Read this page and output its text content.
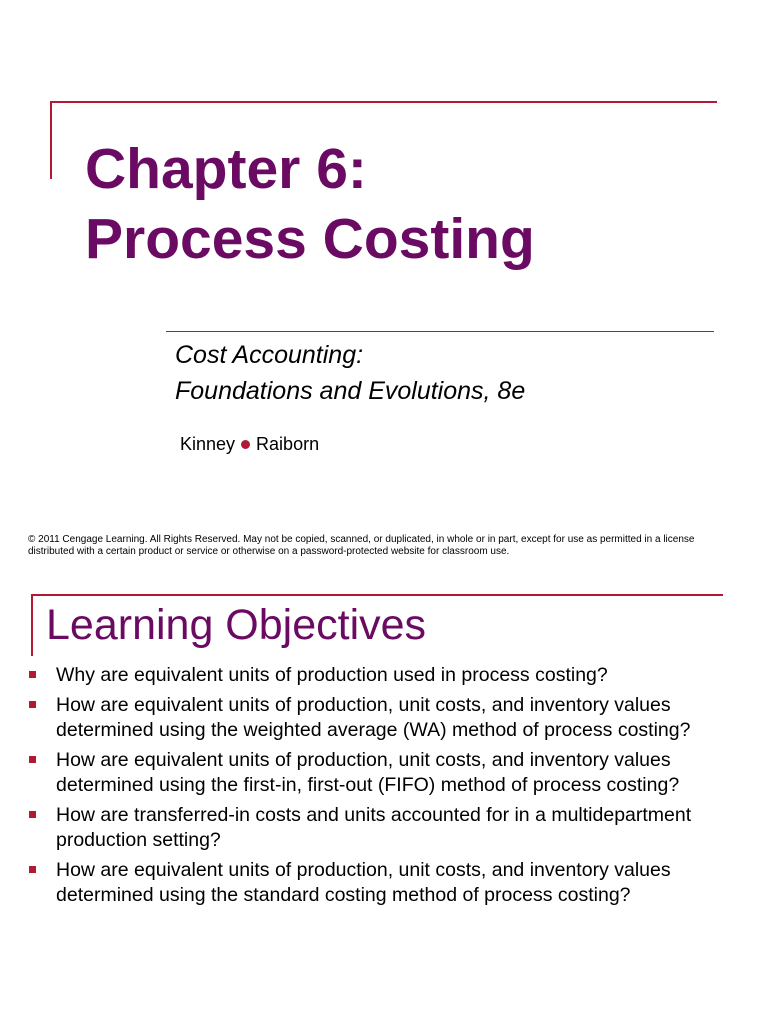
Chapter 6:
Process Costing

Cost Accounting:
Foundations and Evolutions, 8e

Kinney Raiborn
© 2011 Cengage Learning. All Rights Reserved. May not be copied, scanned, or duplicated, in whole or in part, except for use as permitted in a license distributed with a certain product or service or otherwise on a password-protected website for classroom use.
Learning Objectives
Why are equivalent units of production used in process costing?
How are equivalent units of production, unit costs, and inventory values determined using the weighted average (WA) method of process costing?
How are equivalent units of production, unit costs, and inventory values determined using the first-in, first-out (FIFO) method of process costing?
How are transferred-in costs and units accounted for in a multidepartment production setting?
How are equivalent units of production, unit costs, and inventory values determined using the standard costing method of process costing?
